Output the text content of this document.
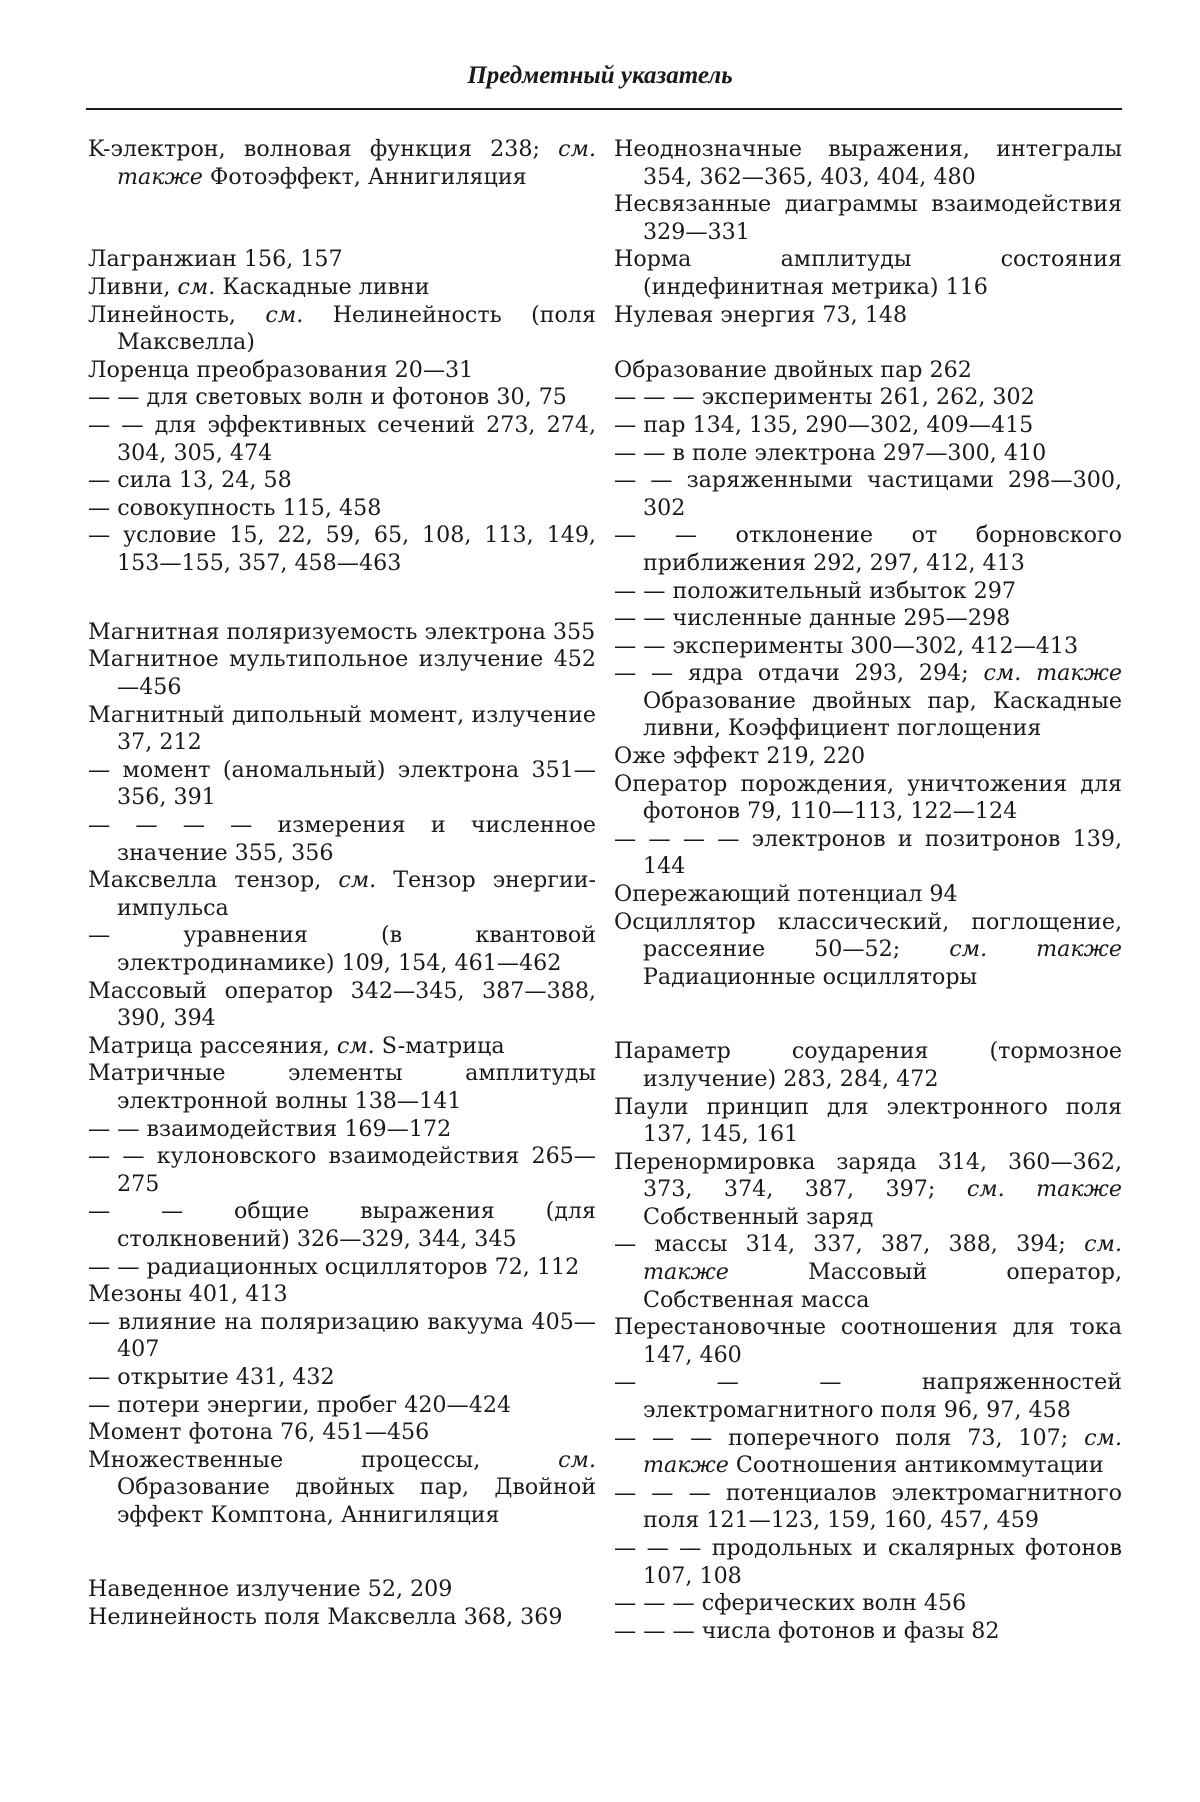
Предметный указатель
K-электрон, волновая функция 238; см. также Фотоэффект, Аннигиляция
Лагранжиан 156, 157
Ливни, см. Каскадные ливни
Линейность, см. Нелинейность (поля Максвелла)
Лоренца преобразования 20—31
— — для световых волн и фотонов 30, 75
— — для эффективных сечений 273, 274, 304, 305, 474
— сила 13, 24, 58
— совокупность 115, 458
— условие 15, 22, 59, 65, 108, 113, 149, 153—155, 357, 458—463
Магнитная поляризуемость электрона 355
Магнитное мультипольное излучение 452—456
Магнитный дипольный момент, излучение 37, 212
— момент (аномальный) электрона 351—356, 391
— — — — измерения и численное значение 355, 356
Максвелла тензор, см. Тензор энергии-импульса
— уравнения (в квантовой электродинамике) 109, 154, 461—462
Массовый оператор 342—345, 387—388, 390, 394
Матрица рассеяния, см. S-матрица
Матричные элементы амплитуды электронной волны 138—141
— — взаимодействия 169—172
— — кулоновского взаимодействия 265—275
— — общие выражения (для столкновений) 326—329, 344, 345
— — радиационных осцилляторов 72, 112
Мезоны 401, 413
— влияние на поляризацию вакуума 405—407
— открытие 431, 432
— потери энергии, пробег 420—424
Момент фотона 76, 451—456
Множественные процессы, см. Образование двойных пар, Двойной эффект Комптона, Аннигиляция
Наведенное излучение 52, 209
Нелинейность поля Максвелла 368, 369
Неоднозначные выражения, интегралы 354, 362—365, 403, 404, 480
Несвязанные диаграммы взаимодействия 329—331
Норма амплитуды состояния (индефинитная метрика) 116
Нулевая энергия 73, 148
Образование двойных пар 262
— — — эксперименты 261, 262, 302
— пар 134, 135, 290—302, 409—415
— — в поле электрона 297—300, 410
— — заряженными частицами 298—300, 302
— — отклонение от борновского приближения 292, 297, 412, 413
— — положительный избыток 297
— — численные данные 295—298
— — эксперименты 300—302, 412—413
— — ядра отдачи 293, 294; см. также Образование двойных пар, Каскадные ливни, Коэффициент поглощения
Оже эффект 219, 220
Оператор порождения, уничтожения для фотонов 79, 110—113, 122—124
— — — — электронов и позитронов 139, 144
Опережающий потенциал 94
Осциллятор классический, поглощение, рассеяние 50—52; см. также Радиационные осцилляторы
Параметр соударения (тормозное излучение) 283, 284, 472
Паули принцип для электронного поля 137, 145, 161
Перенормировка заряда 314, 360—362, 373, 374, 387, 397; см. также Собственный заряд
— массы 314, 337, 387, 388, 394; см. также Массовый оператор, Собственная масса
Перестановочные соотношения для тока 147, 460
— — — напряженностей электромагнитного поля 96, 97, 458
— — — поперечного поля 73, 107; см. также Соотношения антикоммутации
— — — потенциалов электромагнитного поля 121—123, 159, 160, 457, 459
— — — продольных и скалярных фотонов 107, 108
— — — сферических волн 456
— — — числа фотонов и фазы 82
